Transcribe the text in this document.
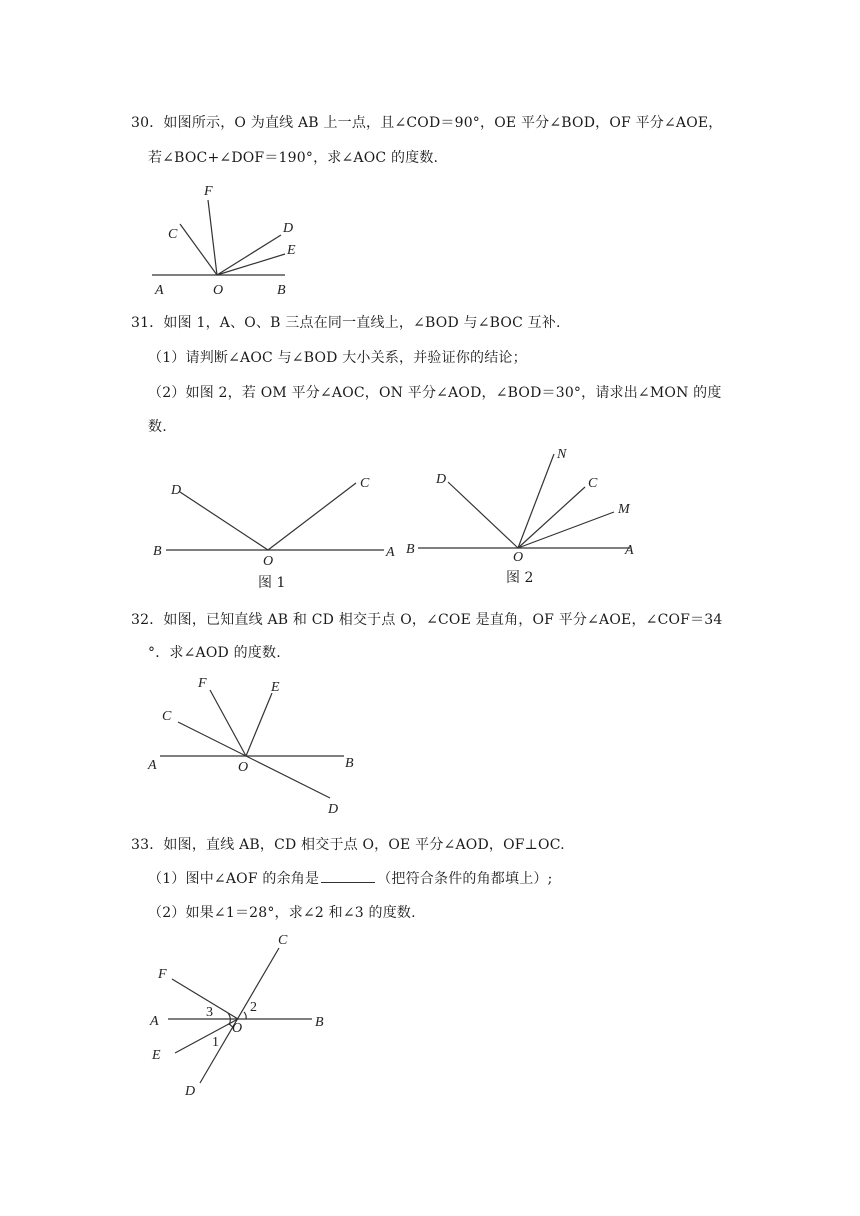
30．如图所示，O 为直线 AB 上一点，且∠COD＝90°，OE 平分∠BOD，OF 平分∠AOE，
若∠BOC+∠DOF＝190°，求∠AOC 的度数.
F
C	D
E
A	O	B
31．如图 1，A、O、B 三点在同一直线上，∠BOD 与∠BOC 互补.
（1）请判断∠AOC 与∠BOD 大小关系，并验证你的结论；
（2）如图 2，若 OM 平分∠AOC，ON 平分∠AOD，∠BOD＝30°，请求出∠MON 的度
数.
D	C
B
O
A
图 1
N
D	C
M
B
O	A
图 2
32．如图，已知直线 AB 和 CD 相交于点 O，∠COE 是直角，OF 平分∠AOE，∠COF＝34
°．求∠AOD 的度数.
F	E
C
A	O	B
D
33．如图，直线 AB，CD 相交于点 O，OE 平分∠AOD，OF⊥OC.
（1）图中∠AOF 的余角是	（把符合条件的角都填上）;
（2）如果∠1＝28°，求∠2 和∠3 的度数.
C
F
A	O	B
E
D
3	2
1
